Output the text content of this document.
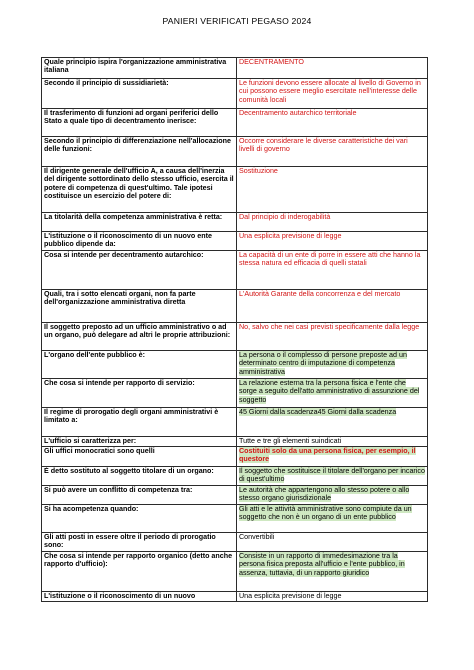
PANIERI VERIFICATI PEGASO 2024
Quale principio ispira l'organizzazione amministrativa italiana	DECENTRAMENTO
Secondo il principio di sussidiarietà:	Le funzioni devono essere allocate al livello di Governo in cui possono essere meglio esercitate nell'interesse delle comunità locali
Il trasferimento di funzioni ad organi periferici dello Stato a quale tipo di decentramento inerisce:	Decentramento autarchico territoriale
Secondo il principio di differenziazione nell'allocazione delle funzioni:	Occorre considerare le diverse caratteristiche dei vari livelli di governo
Il dirigente generale dell'ufficio A, a causa dell'inerzia del dirigente sottordinato dello stesso ufficio, esercita il potere di competenza di quest'ultimo. Tale ipotesi costituisce un esercizio del potere di:	Sostituzione
La titolarità della competenza amministrativa è retta:	Dal principio di inderogabilità
L'istituzione o il riconoscimento di un nuovo ente pubblico dipende da:	Una esplicita previsione di legge
Cosa si intende per decentramento autarchico:	La capacità di un ente di porre in essere atti che hanno la stessa natura ed efficacia di quelli statali
Quali, tra i sotto elencati organi, non fa parte dell'organizzazione amministrativa diretta	L'Autorità Garante della concorrenza e del mercato
Il soggetto preposto ad un ufficio amministrativo o ad un organo, può delegare ad altri le proprie attribuzioni:	No, salvo che nei casi previsti specificamente dalla legge
L'organo dell'ente pubblico è:	La persona o il complesso di persone preposte ad un determinato centro di imputazione di competenza amministrativa
Che cosa si intende per rapporto di servizio:	La relazione esterna tra la persona fisica e l'ente che sorge a seguito dell'atto amministrativo di assunzione del soggetto
Il regime di prorogatio degli organi amministrativi è limitato a:	45 Giorni dalla scadenza45 Giorni dalla scadenza
L'ufficio si caratterizza per:	Tutte e tre gli elementi suindicati
Gli uffici monocratici sono quelli	Costituiti solo da una persona fisica, per esempio, il questore
È detto sostituto al soggetto titolare di un organo:	Il soggetto che sostituisce il titolare dell'organo per incarico di quest'ultimo
Si può avere un conflitto di competenza tra:	Le autorità che appartengono allo stesso potere o allo stesso organo giurisdizionale
Si ha acompetenza quando:	Gli atti e le attività amministrative sono compiute da un soggetto che non è un organo di un ente pubblico
Gli atti posti in essere oltre il periodo di prorogatio sono:	Convertibili
Che cosa si intende per rapporto organico (detto anche rapporto d'ufficio):	Consiste in un rapporto di immedesimazione tra la persona fisica preposta all'ufficio e l'ente pubblico, in assenza, tuttavia, di un rapporto giuridico
L'istituzione o il riconoscimento di un nuovo	Una esplicita previsione di legge
